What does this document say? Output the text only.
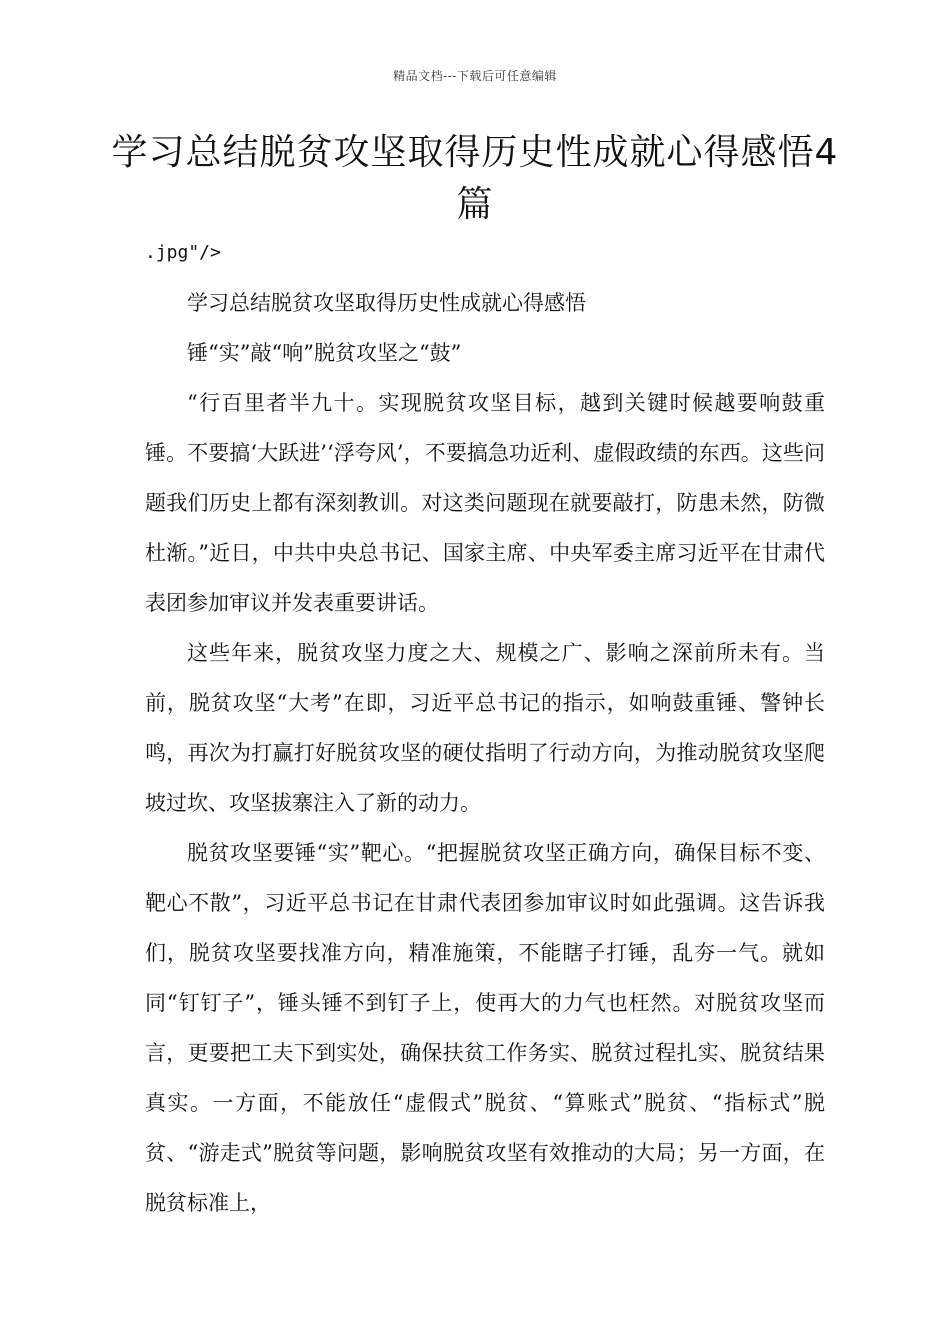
精品文档---下载后可任意编辑
学习总结脱贫攻坚取得历史性成就心得感悟4篇
.jpg"/>

学习总结脱贫攻坚取得历史性成就心得感悟

锤“实”敲“响”脱贫攻坚之“鼓”

“行百里者半九十。实现脱贫攻坚目标，越到关键时候越要响鼓重锤。不要搞‘大跃进’‘浮夸风’，不要搞急功近利、虚假政绩的东西。这些问题我们历史上都有深刻教训。对这类问题现在就要敲打，防患未然，防微杜渐。”近日，中共中央总书记、国家主席、中央军委主席习近平在甘肃代表团参加审议并发表重要讲话。

这些年来，脱贫攻坚力度之大、规模之广、影响之深前所未有。当前，脱贫攻坚“大考”在即，习近平总书记的指示，如响鼓重锤、警钟长鸣，再次为打赢打好脱贫攻坚的硬仗指明了行动方向，为推动脱贫攻坚爬坡过坎、攻坚拔寨注入了新的动力。

脱贫攻坚要锤“实”靶心。“把握脱贫攻坚正确方向，确保目标不变、靶心不散”，习近平总书记在甘肃代表团参加审议时如此强调。这告诉我们，脱贫攻坚要找准方向，精准施策，不能瞎子打锤，乱夯一气。就如同“钉钉子”，锤头锤不到钉子上，使再大的力气也枉然。对脱贫攻坚而言，更要把工夫下到实处，确保扶贫工作务实、脱贫过程扎实、脱贫结果真实。一方面，不能放任“虚假式”脱贫、“算账式”脱贫、“指标式”脱贫、“游走式”脱贫等问题，影响脱贫攻坚有效推动的大局；另一方面，在脱贫标准上，
